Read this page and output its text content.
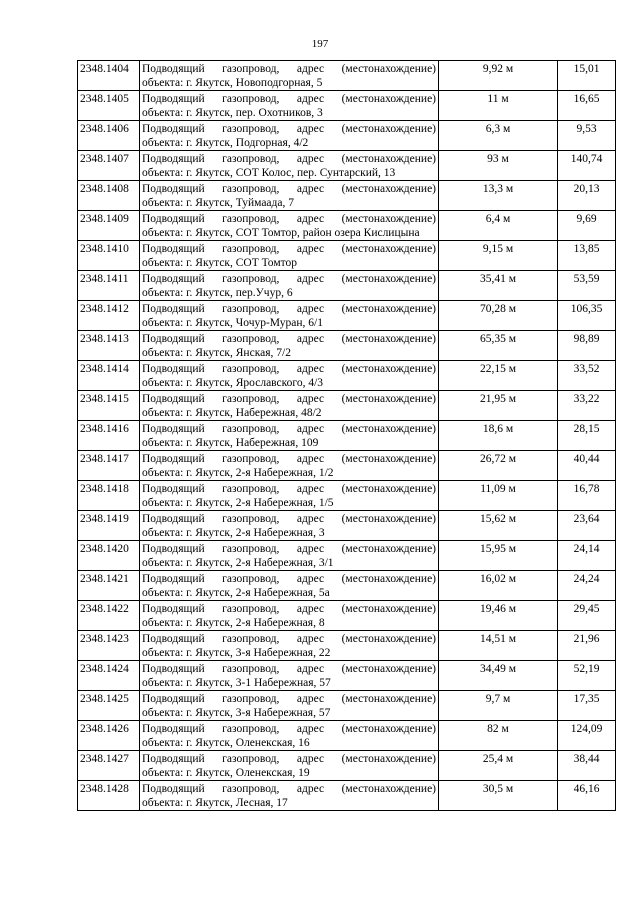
197
2348.1404	Подводящий газопровод, адрес (местонахождение) объекта: г. Якутск, Новоподгорная, 5	9,92 м	15,01
2348.1405	Подводящий газопровод, адрес (местонахождение) объекта: г. Якутск, пер. Охотников, 3	11 м	16,65
2348.1406	Подводящий газопровод, адрес (местонахождение) объекта: г. Якутск, Подгорная, 4/2	6,3 м	9,53
2348.1407	Подводящий газопровод, адрес (местонахождение) объекта: г. Якутск, СОТ Колос, пер. Сунтарский, 13	93 м	140,74
2348.1408	Подводящий газопровод, адрес (местонахождение) объекта: г. Якутск, Туймаада, 7	13,3 м	20,13
2348.1409	Подводящий газопровод, адрес (местонахождение) объекта: г. Якутск, СОТ Томтор, район озера Кислицына	6,4 м	9,69
2348.1410	Подводящий газопровод, адрес (местонахождение) объекта: г. Якутск, СОТ Томтор	9,15 м	13,85
2348.1411	Подводящий газопровод, адрес (местонахождение) объекта: г. Якутск, пер.Учур, 6	35,41 м	53,59
2348.1412	Подводящий газопровод, адрес (местонахождение) объекта: г. Якутск, Чочур-Муран, 6/1	70,28 м	106,35
2348.1413	Подводящий газопровод, адрес (местонахождение) объекта: г. Якутск, Янская, 7/2	65,35 м	98,89
2348.1414	Подводящий газопровод, адрес (местонахождение) объекта: г. Якутск, Ярославского, 4/3	22,15 м	33,52
2348.1415	Подводящий газопровод, адрес (местонахождение) объекта: г. Якутск, Набережная, 48/2	21,95 м	33,22
2348.1416	Подводящий газопровод, адрес (местонахождение) объекта: г. Якутск, Набережная, 109	18,6 м	28,15
2348.1417	Подводящий газопровод, адрес (местонахождение) объекта: г. Якутск, 2-я Набережная, 1/2	26,72 м	40,44
2348.1418	Подводящий газопровод, адрес (местонахождение) объекта: г. Якутск, 2-я Набережная, 1/5	11,09 м	16,78
2348.1419	Подводящий газопровод, адрес (местонахождение) объекта: г. Якутск, 2-я Набережная, 3	15,62 м	23,64
2348.1420	Подводящий газопровод, адрес (местонахождение) объекта: г. Якутск, 2-я Набережная, 3/1	15,95 м	24,14
2348.1421	Подводящий газопровод, адрес (местонахождение) объекта: г. Якутск, 2-я Набережная, 5а	16,02 м	24,24
2348.1422	Подводящий газопровод, адрес (местонахождение) объекта: г. Якутск, 2-я Набережная, 8	19,46 м	29,45
2348.1423	Подводящий газопровод, адрес (местонахождение) объекта: г. Якутск, 3-я Набережная, 22	14,51 м	21,96
2348.1424	Подводящий газопровод, адрес (местонахождение) объекта: г. Якутск, 3-1 Набережная, 57	34,49 м	52,19
2348.1425	Подводящий газопровод, адрес (местонахождение) объекта: г. Якутск, 3-я Набережная, 57	9,7 м	17,35
2348.1426	Подводящий газопровод, адрес (местонахождение) объекта: г. Якутск, Оленекская, 16	82 м	124,09
2348.1427	Подводящий газопровод, адрес (местонахождение) объекта: г. Якутск, Оленекская, 19	25,4 м	38,44
2348.1428	Подводящий газопровод, адрес (местонахождение) объекта: г. Якутск, Лесная, 17	30,5 м	46,16
